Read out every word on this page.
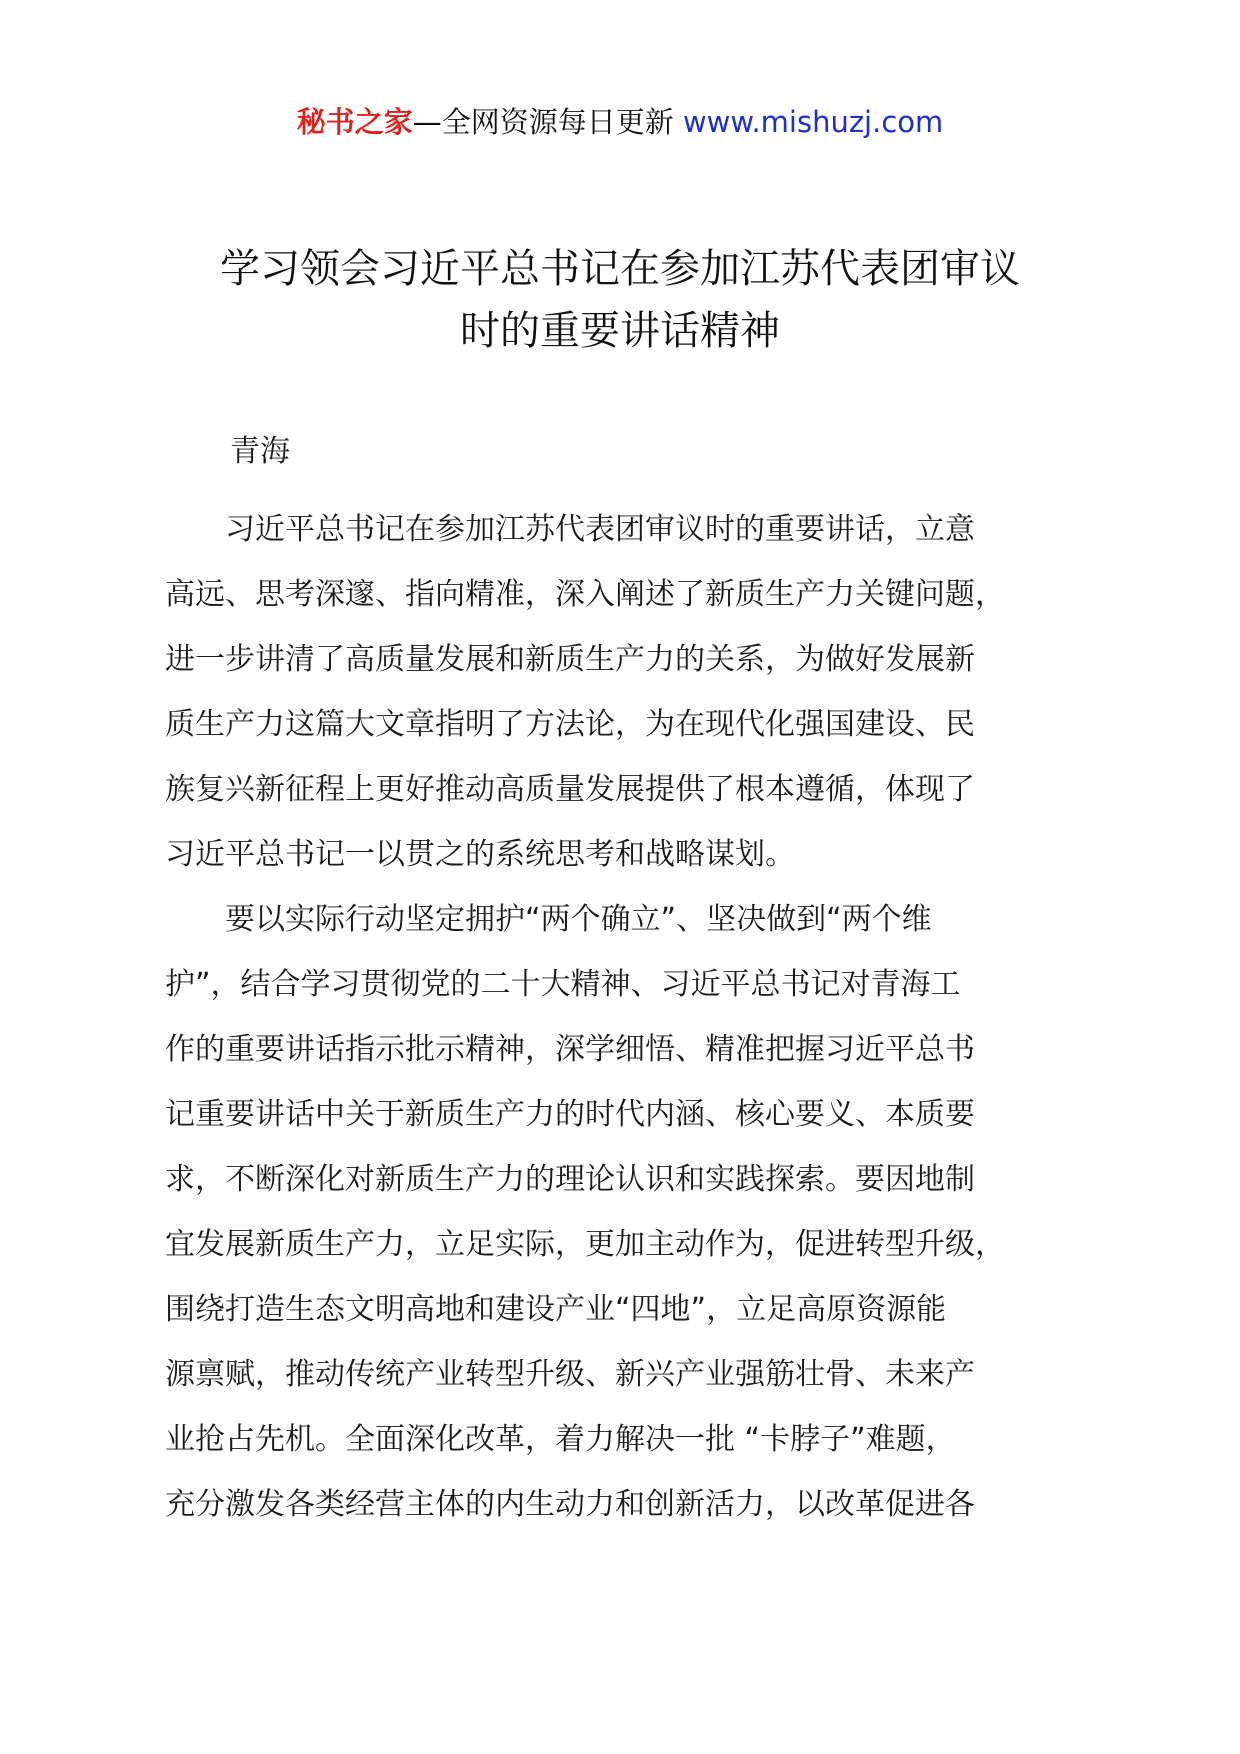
秘书之家—全网资源每日更新 www.mishuzj.com
学习领会习近平总书记在参加江苏代表团审议
时的重要讲话精神
青海
　　习近平总书记在参加江苏代表团审议时的重要讲话，立意
高远、思考深邃、指向精准，深入阐述了新质生产力关键问题，
进一步讲清了高质量发展和新质生产力的关系，为做好发展新
质生产力这篇大文章指明了方法论，为在现代化强国建设、民
族复兴新征程上更好推动高质量发展提供了根本遵循，体现了
习近平总书记一以贯之的系统思考和战略谋划。
　　要以实际行动坚定拥护“两个确立”、坚决做到“两个维
护”，结合学习贯彻党的二十大精神、习近平总书记对青海工
作的重要讲话指示批示精神，深学细悟、精准把握习近平总书
记重要讲话中关于新质生产力的时代内涵、核心要义、本质要
求，不断深化对新质生产力的理论认识和实践探索。要因地制
宜发展新质生产力，立足实际，更加主动作为，促进转型升级，
围绕打造生态文明高地和建设产业“四地”，立足高原资源能
源禀赋，推动传统产业转型升级、新兴产业强筋壮骨、未来产
业抢占先机。全面深化改革，着力解决一批 “卡脖子”难题，
充分激发各类经营主体的内生动力和创新活力，以改革促进各
